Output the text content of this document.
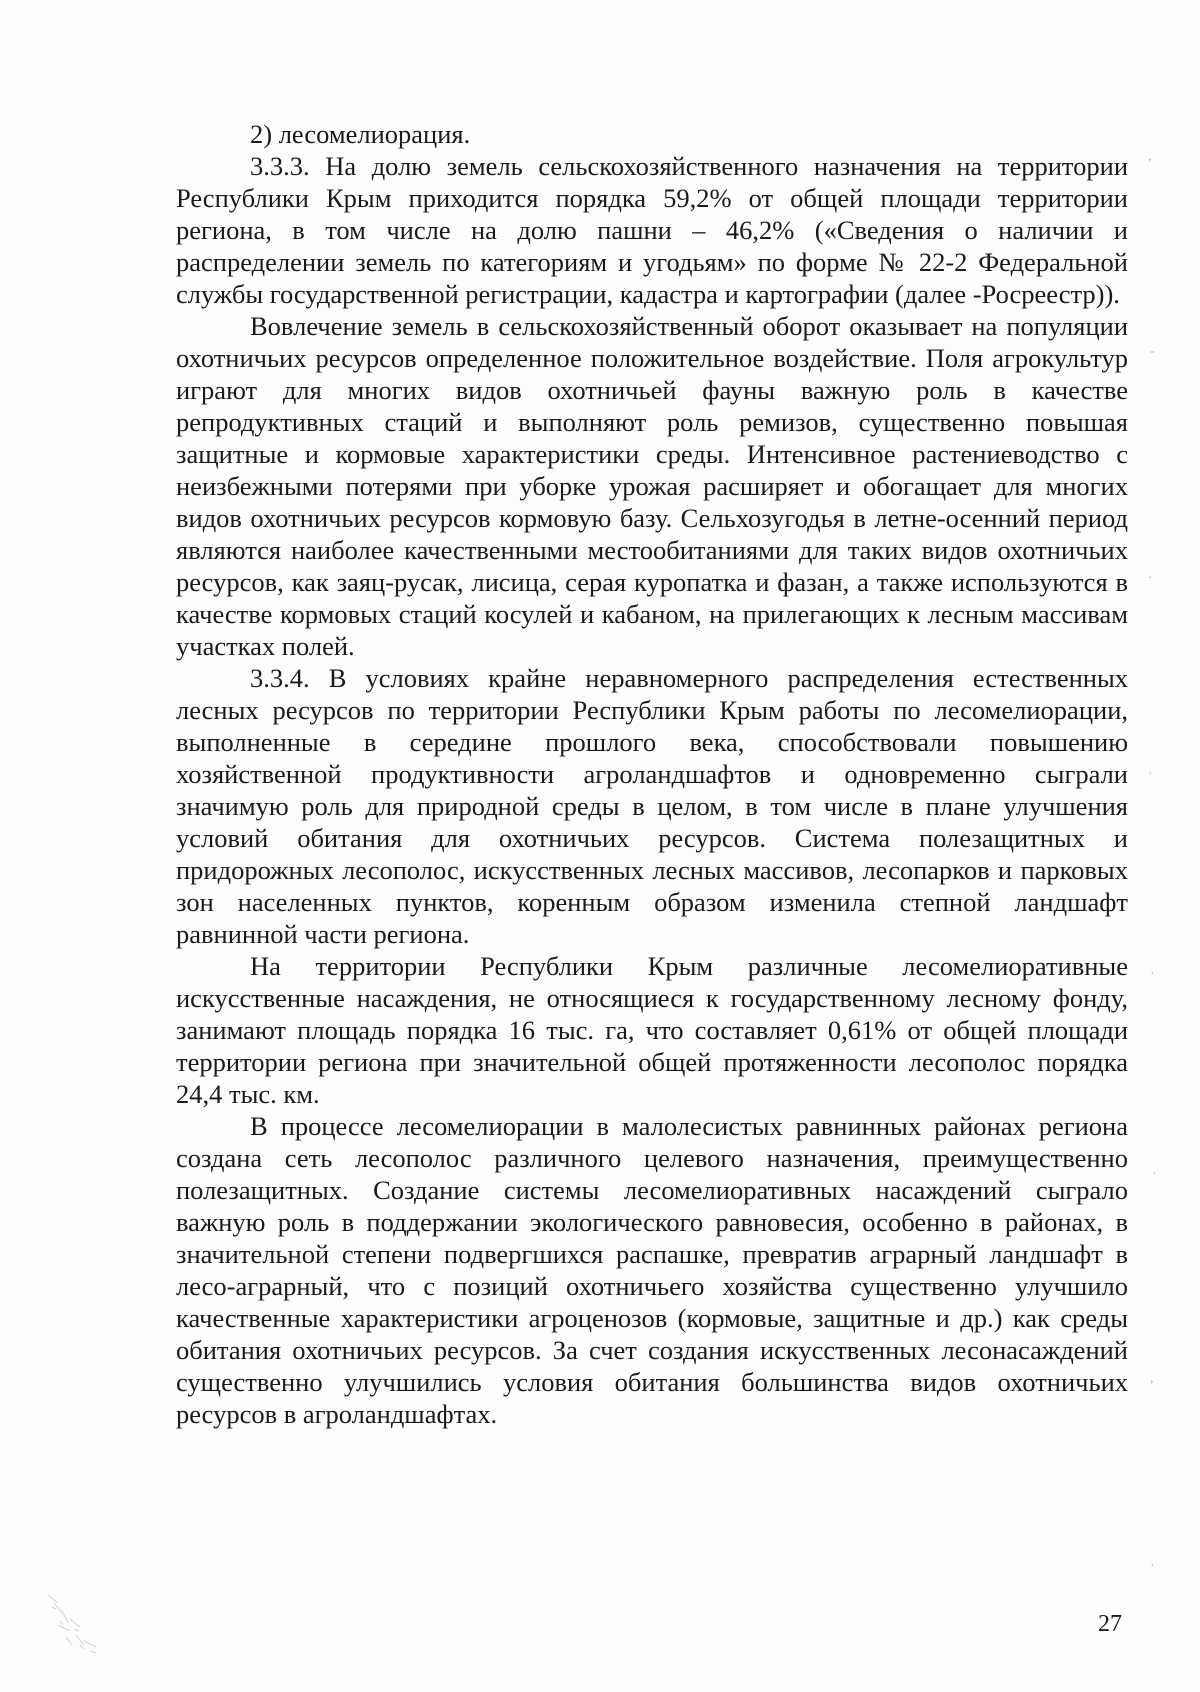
2) лесомелиорация.

3.3.3. На долю земель сельскохозяйственного назначения на территории Республики Крым приходится порядка 59,2% от общей площади территории региона, в том числе на долю пашни – 46,2% («Сведения о наличии и распределении земель по категориям и угодьям» по форме № 22-2 Федеральной службы государственной регистрации, кадастра и картографии (далее -Росреестр)).

Вовлечение земель в сельскохозяйственный оборот оказывает на популяции охотничьих ресурсов определенное положительное воздействие. Поля агрокультур играют для многих видов охотничьей фауны важную роль в качестве репродуктивных стаций и выполняют роль ремизов, существенно повышая защитные и кормовые характеристики среды. Интенсивное растениеводство с неизбежными потерями при уборке урожая расширяет и обогащает для многих видов охотничьих ресурсов кормовую базу. Сельхозугодья в летне-осенний период являются наиболее качественными местообитаниями для таких видов охотничьих ресурсов, как заяц-русак, лисица, серая куропатка и фазан, а также используются в качестве кормовых стаций косулей и кабаном, на прилегающих к лесным массивам участках полей.

3.3.4. В условиях крайне неравномерного распределения естественных лесных ресурсов по территории Республики Крым работы по лесомелиорации, выполненные в середине прошлого века, способствовали повышению хозяйственной продуктивности агроландшафтов и одновременно сыграли значимую роль для природной среды в целом, в том числе в плане улучшения условий обитания для охотничьих ресурсов. Система полезащитных и придорожных лесополос, искусственных лесных массивов, лесопарков и парковых зон населенных пунктов, коренным образом изменила степной ландшафт равнинной части региона.

На территории Республики Крым различные лесомелиоративные искусственные насаждения, не относящиеся к государственному лесному фонду, занимают площадь порядка 16 тыс. га, что составляет 0,61% от общей площади территории региона при значительной общей протяженности лесополос порядка 24,4 тыс. км.

В процессе лесомелиорации в малолесистых равнинных районах региона создана сеть лесополос различного целевого назначения, преимущественно полезащитных. Создание системы лесомелиоративных насаждений сыграло важную роль в поддержании экологического равновесия, особенно в районах, в значительной степени подвергшихся распашке, превратив аграрный ландшафт в лесо-аграрный, что с позиций охотничьего хозяйства существенно улучшило качественные характеристики агроценозов (кормовые, защитные и др.) как среды обитания охотничьих ресурсов. За счет создания искусственных лесонасаждений существенно улучшились условия обитания большинства видов охотничьих ресурсов в агроландшафтах.

27
,
-
·
·
·
·
,
·
